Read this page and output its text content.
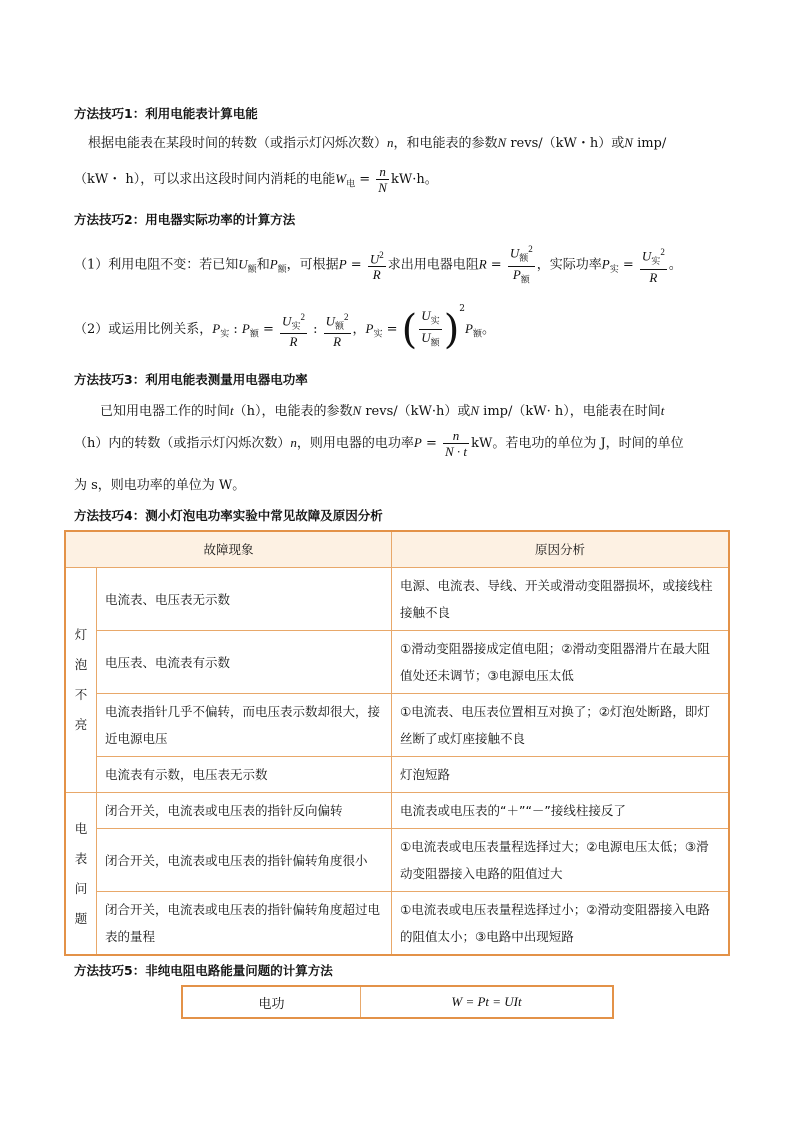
方法技巧1：利用电能表计算电能
根据电能表在某段时间的转数（或指示灯闪烁次数）n，和电能表的参数N revs/（kW・h）或N imp/
（kW・ h），可以求出这段时间内消耗的电能$W_电 = \frac{n}{N} kW\cdot h$。
方法技巧2：用电器实际功率的计算方法
（1）利用电阻不变：若已知$U_额$和$P_额$，可根据$P = \frac{U^2}{R}$ 求出用电器电阻$R = \frac{U_额^2}{P_额}$ ，实际功率$P_实 = \frac{U_实^2}{R}$ 。
（2）或运用比例关系，$P_实$ : $P_额 = \frac{U_实^2}{R}$ : $\frac{U_额^2}{R}$ ，$P_实$ = ( $\frac{U_实}{U_额} )^2P_额$。
方法技巧3：利用电能表测量用电器电功率
已知用电器工作的时间t（h），电能表的参数N revs/（kW·h）或N imp/（kW· h），电能表在时间t
（h）内的转数（或指示灯闪烁次数）n，则用电器的电功率$P = \frac{n}{N \cdot t}$ kW。若电功的单位为 J，时间的单位
为 s，则电功率的单位为 W。
方法技巧4：测小灯泡电功率实验中常见故障及原因分析
故障现象		原因分析
灯泡不亮	电流表、电压表无示数	电源、电流表、导线、开关或滑动变阻器损坏，或接线柱接触不良
	电压表、电流表有示数	①滑动变阻器接成定值电阻；②滑动变阻器滑片在最大阻值处还未调节；③电源电压太低
	电流表指针几乎不偏转，而电压表示数却很大，接近电源电压	①电流表、电压表位置相互对换了；②灯泡处断路，即灯丝断了或灯座接触不良
	电流表有示数，电压表无示数	灯泡短路
电表问题	闭合开关，电流表或电压表的指针反向偏转	电流表或电压表的“＋”“－”接线柱接反了
	闭合开关，电流表或电压表的指针偏转角度很小	①电流表或电压表量程选择过大；②电源电压太低；③滑动变阻器接入电路的阻值过大
	闭合开关，电流表或电压表的指针偏转角度超过电表的量程	①电流表或电压表量程选择过小；②滑动变阻器接入电路的阻值太小；③电路中出现短路
方法技巧5：非纯电阻电路能量问题的计算方法
电功	W = Pt = UIt
